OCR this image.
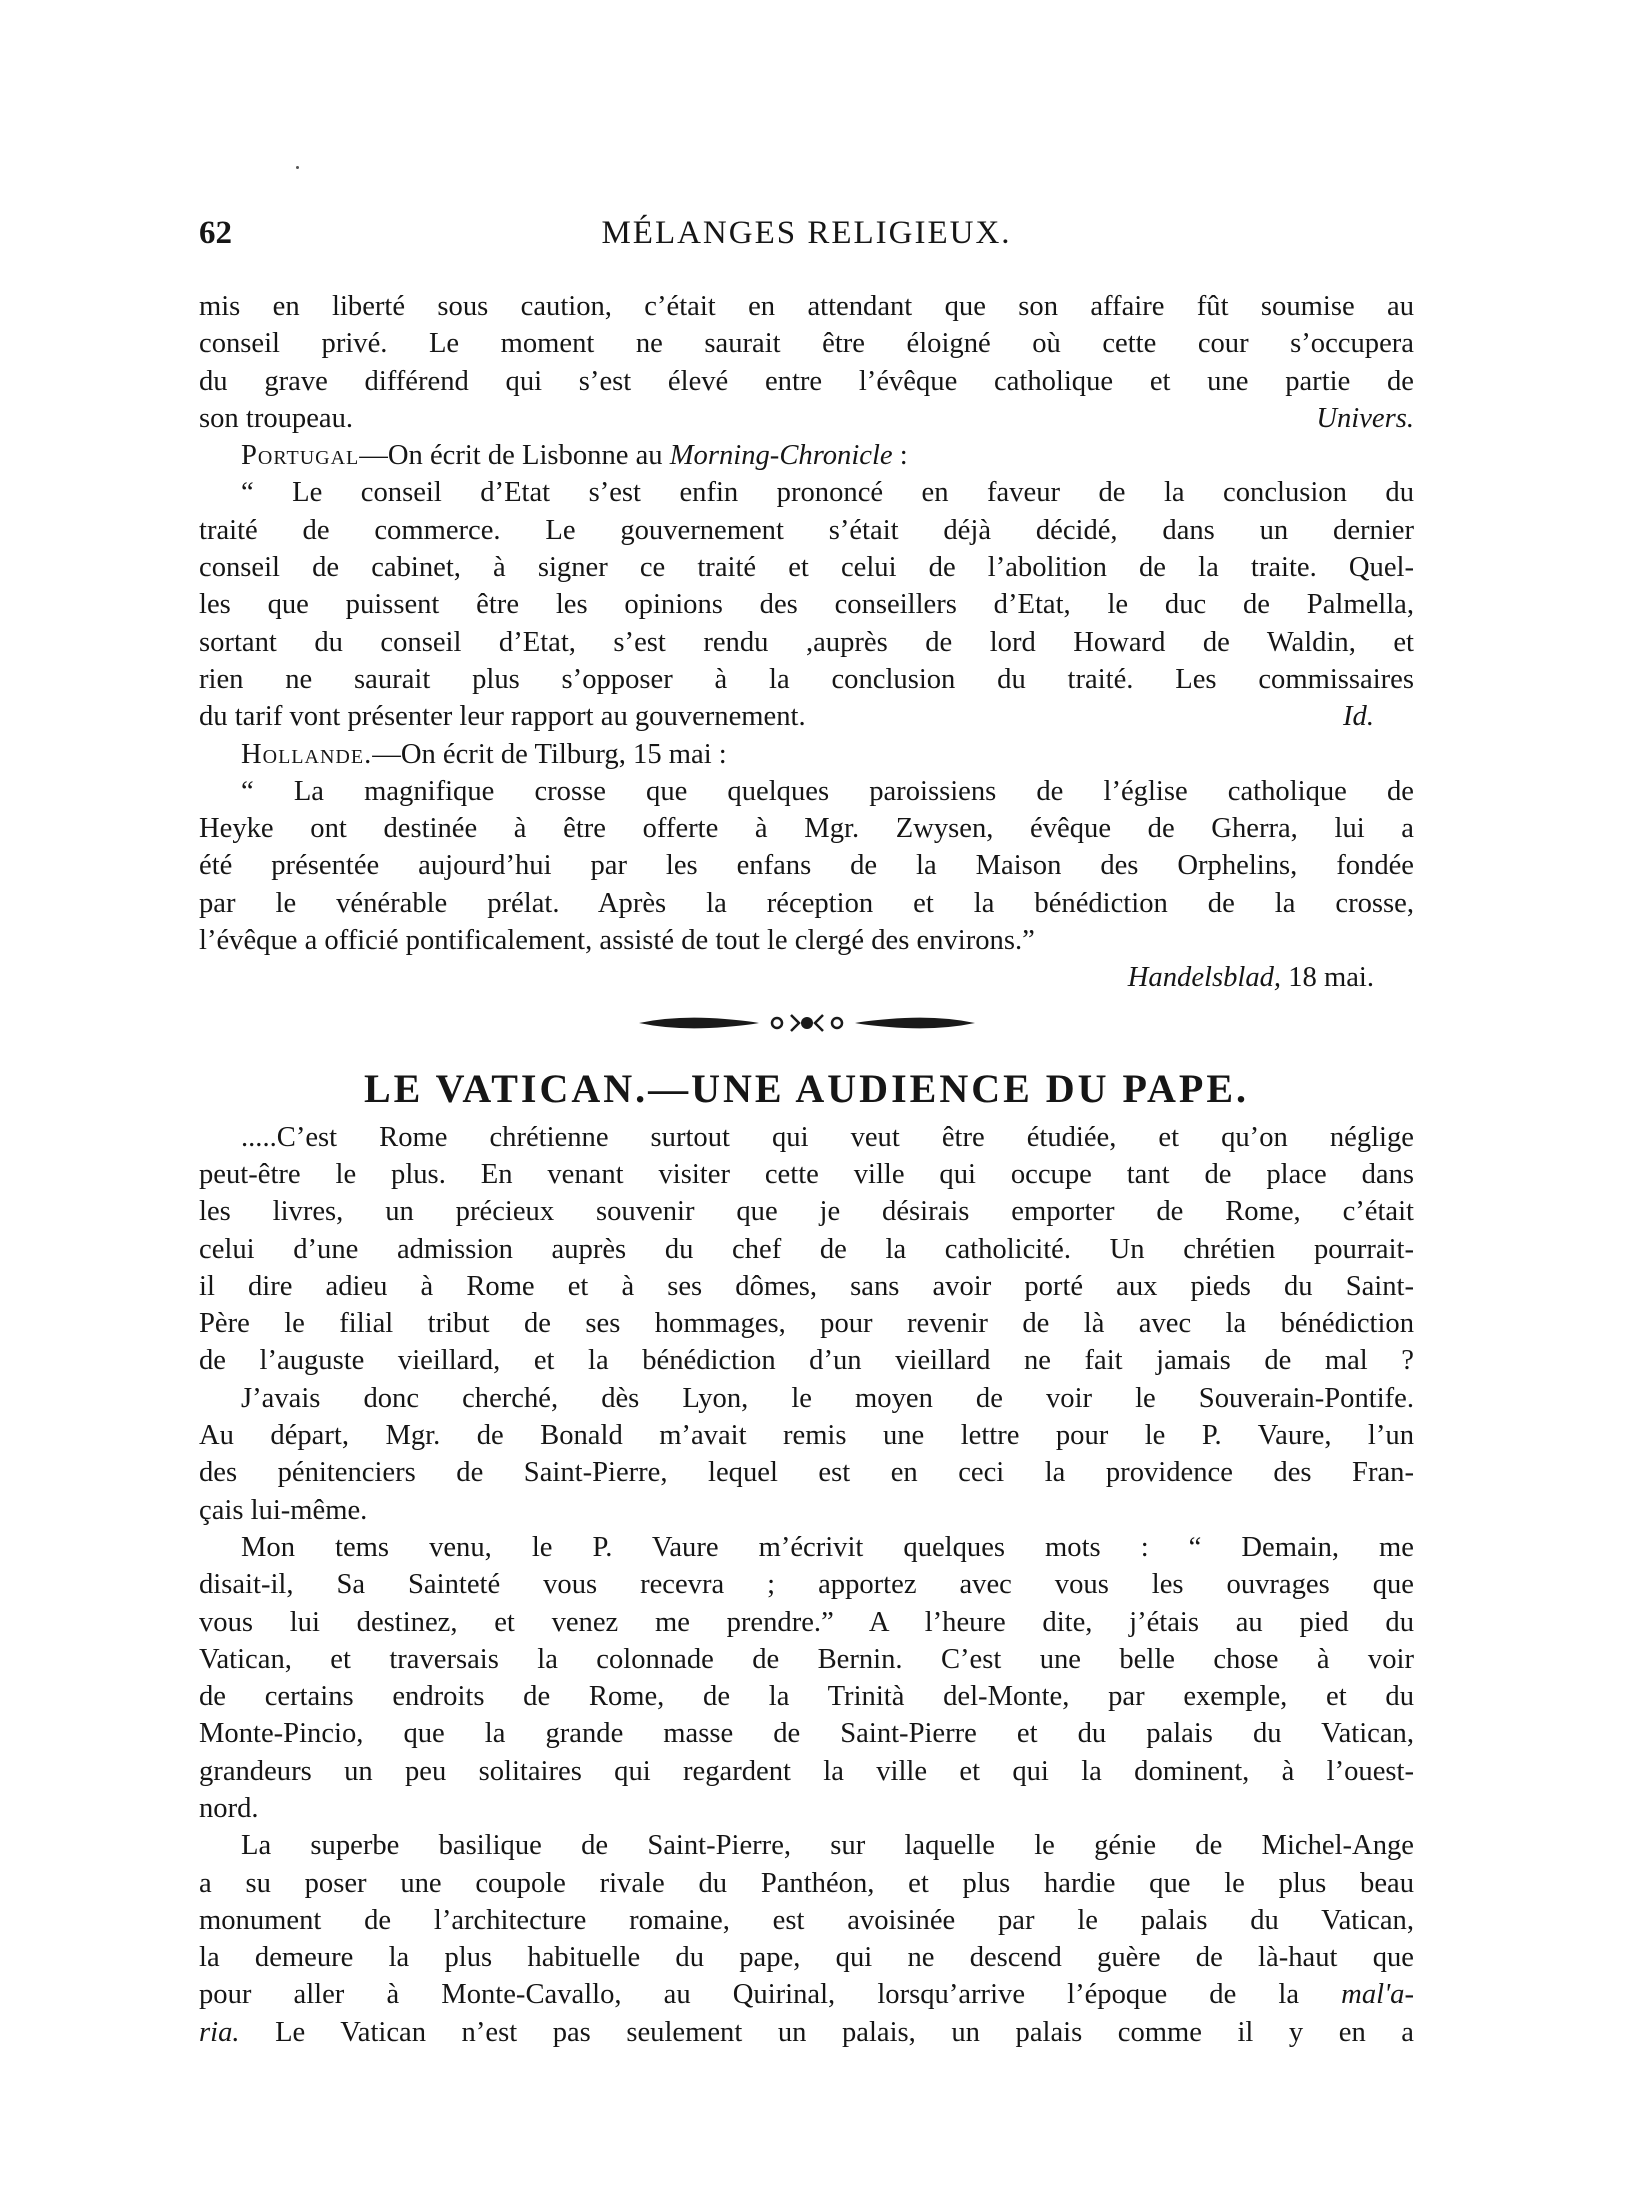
62	MÉLANGES RELIGIEUX.
mis en liberté sous caution, c’était en attendant que son affaire fût soumise au
conseil privé. Le moment ne saurait être éloigné où cette cour s’occupera
du grave différend qui s’est élevé entre l’évêque catholique et une partie de
son troupeau.	Univers.
Portugal—On écrit de Lisbonne au Morning-Chronicle :
“ Le conseil d’Etat s’est enfin prononcé en faveur de la conclusion du
traité de commerce. Le gouvernement s’était déjà décidé, dans un dernier
conseil de cabinet, à signer ce traité et celui de l’abolition de la traite. Quel-
les que puissent être les opinions des conseillers d’Etat, le duc de Palmella,
sortant du conseil d’Etat, s’est rendu ,auprès de lord Howard de Waldin, et
rien ne saurait plus s’opposer à la conclusion du traité. Les commissaires
du tarif vont présenter leur rapport au gouvernement.	Id.
Hollande.—On écrit de Tilburg, 15 mai :
“ La magnifique crosse que quelques paroissiens de l’église catholique de
Heyke ont destinée à être offerte à Mgr. Zwysen, évêque de Gherra, lui a
été présentée aujourd’hui par les enfans de la Maison des Orphelins, fondée
par le vénérable prélat. Après la réception et la bénédiction de la crosse,
l’évêque a officié pontificalement, assisté de tout le clergé des environs.”
Handelsblad, 18 mai.
LE VATICAN.—UNE AUDIENCE DU PAPE.
.....C’est Rome chrétienne surtout qui veut être étudiée, et qu’on néglige
peut-être le plus. En venant visiter cette ville qui occupe tant de place dans
les livres, un précieux souvenir que je désirais emporter de Rome, c’était
celui d’une admission auprès du chef de la catholicité. Un chrétien pourrait-
il dire adieu à Rome et à ses dômes, sans avoir porté aux pieds du Saint-
Père le filial tribut de ses hommages, pour revenir de là avec la bénédiction
de l’auguste vieillard, et la bénédiction d’un vieillard ne fait jamais de mal ?
J’avais donc cherché, dès Lyon, le moyen de voir le Souverain-Pontife.
Au départ, Mgr. de Bonald m’avait remis une lettre pour le P. Vaure, l’un
des pénitenciers de Saint-Pierre, lequel est en ceci la providence des Fran-
çais lui-même.
Mon tems venu, le P. Vaure m’écrivit quelques mots : “ Demain, me
disait-il, Sa Sainteté vous recevra ; apportez avec vous les ouvrages que
vous lui destinez, et venez me prendre.” A l’heure dite, j’étais au pied du
Vatican, et traversais la colonnade de Bernin. C’est une belle chose à voir
de certains endroits de Rome, de la Trinità del-Monte, par exemple, et du
Monte-Pincio, que la grande masse de Saint-Pierre et du palais du Vatican,
grandeurs un peu solitaires qui regardent la ville et qui la dominent, à l’ouest-
nord.
La superbe basilique de Saint-Pierre, sur laquelle le génie de Michel-Ange
a su poser une coupole rivale du Panthéon, et plus hardie que le plus beau
monument de l’architecture romaine, est avoisinée par le palais du Vatican,
la demeure la plus habituelle du pape, qui ne descend guère de là-haut que
pour aller à Monte-Cavallo, au Quirinal, lorsqu’arrive l’époque de la mal'a-
ria. Le Vatican n’est pas seulement un palais, un palais comme il y en a
